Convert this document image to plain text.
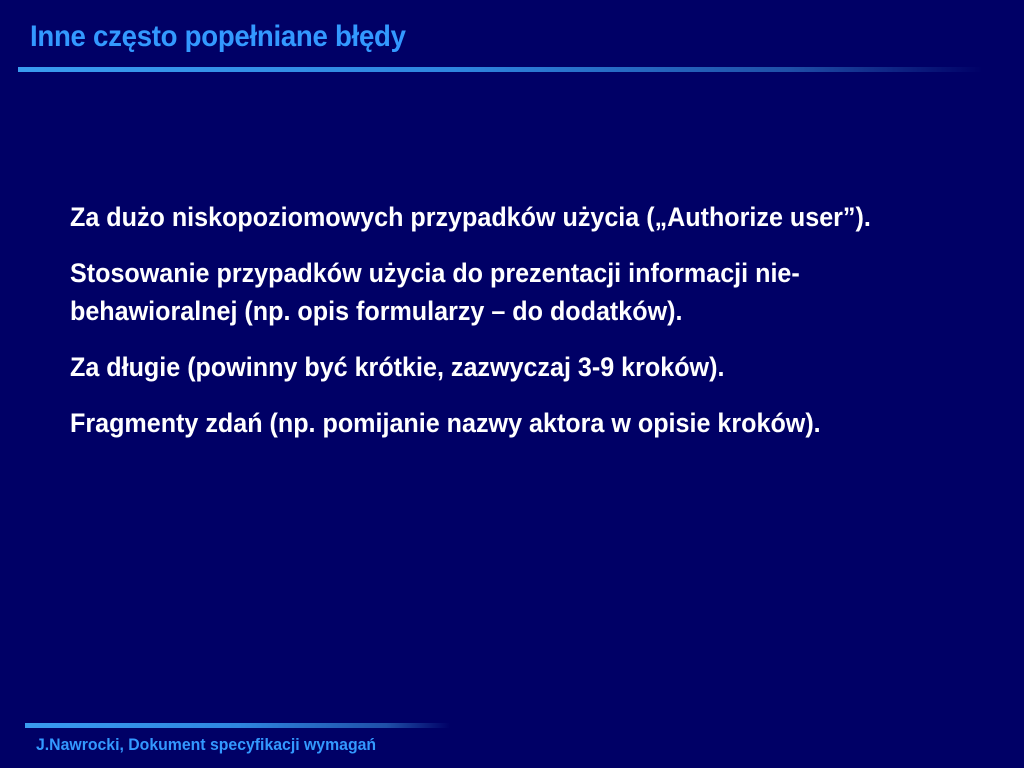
Inne często popełniane błędy
Za dużo niskopoziomowych przypadków użycia („Authorize user”).
Stosowanie przypadków użycia do prezentacji informacji nie-behawioralnej (np. opis formularzy – do dodatków).
Za długie (powinny być krótkie, zazwyczaj 3-9 kroków).
Fragmenty zdań (np. pomijanie nazwy aktora w opisie kroków).

J.Nawrocki, Dokument specyfikacji wymagań
